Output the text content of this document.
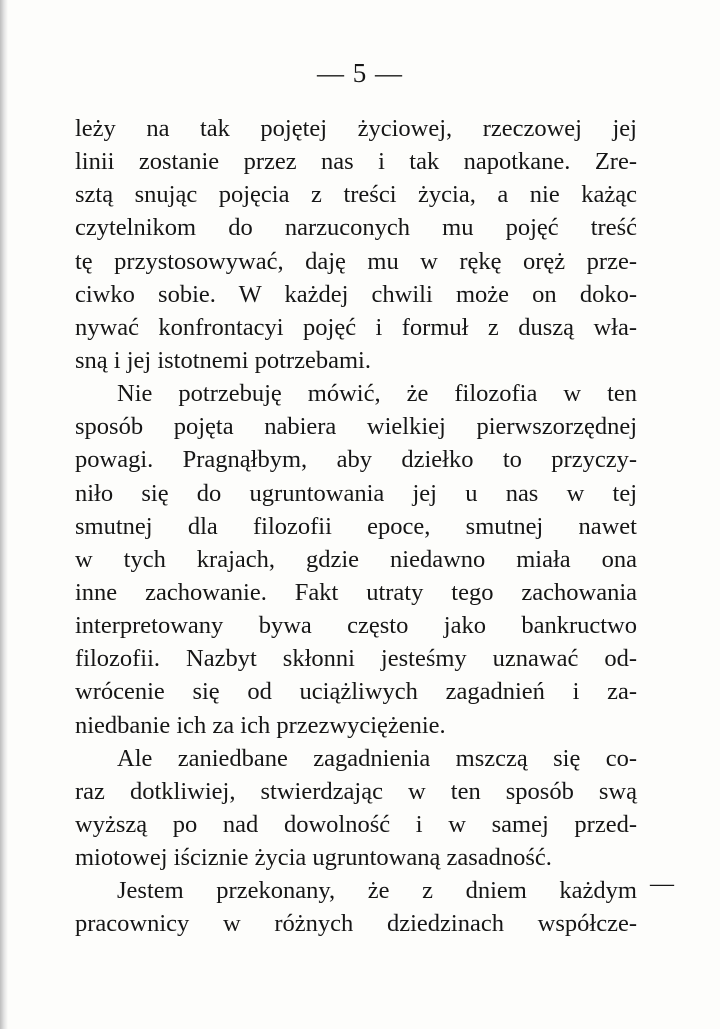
— 5 —
leży na tak pojętej życiowej, rzeczowej jej
linii zostanie przez nas i tak napotkane. Zre-
sztą snując pojęcia z treści życia, a nie każąc
czytelnikom do narzuconych mu pojęć treść
tę przystosowywać, daję mu w rękę oręż prze-
ciwko sobie. W każdej chwili może on doko-
nywać konfrontacyi pojęć i formuł z duszą wła-
sną i jej istotnemi potrzebami.
Nie potrzebuję mówić, że filozofia w ten
sposób pojęta nabiera wielkiej pierwszorzędnej
powagi. Pragnąłbym, aby dziełko to przyczy-
niło się do ugruntowania jej u nas w tej
smutnej dla filozofii epoce, smutnej nawet
w tych krajach, gdzie niedawno miała ona
inne zachowanie. Fakt utraty tego zachowania
interpretowany bywa często jako bankructwo
filozofii. Nazbyt skłonni jesteśmy uznawać od-
wrócenie się od uciążliwych zagadnień i za-
niedbanie ich za ich przezwyciężenie.
Ale zaniedbane zagadnienia mszczą się co-
raz dotkliwiej, stwierdzając w ten sposób swą
wyższą po nad dowolność i w samej przed-
miotowej iściznie życia ugruntowaną zasadność.
Jestem przekonany, że z dniem każdym
pracownicy w różnych dziedzinach współcze-
—
